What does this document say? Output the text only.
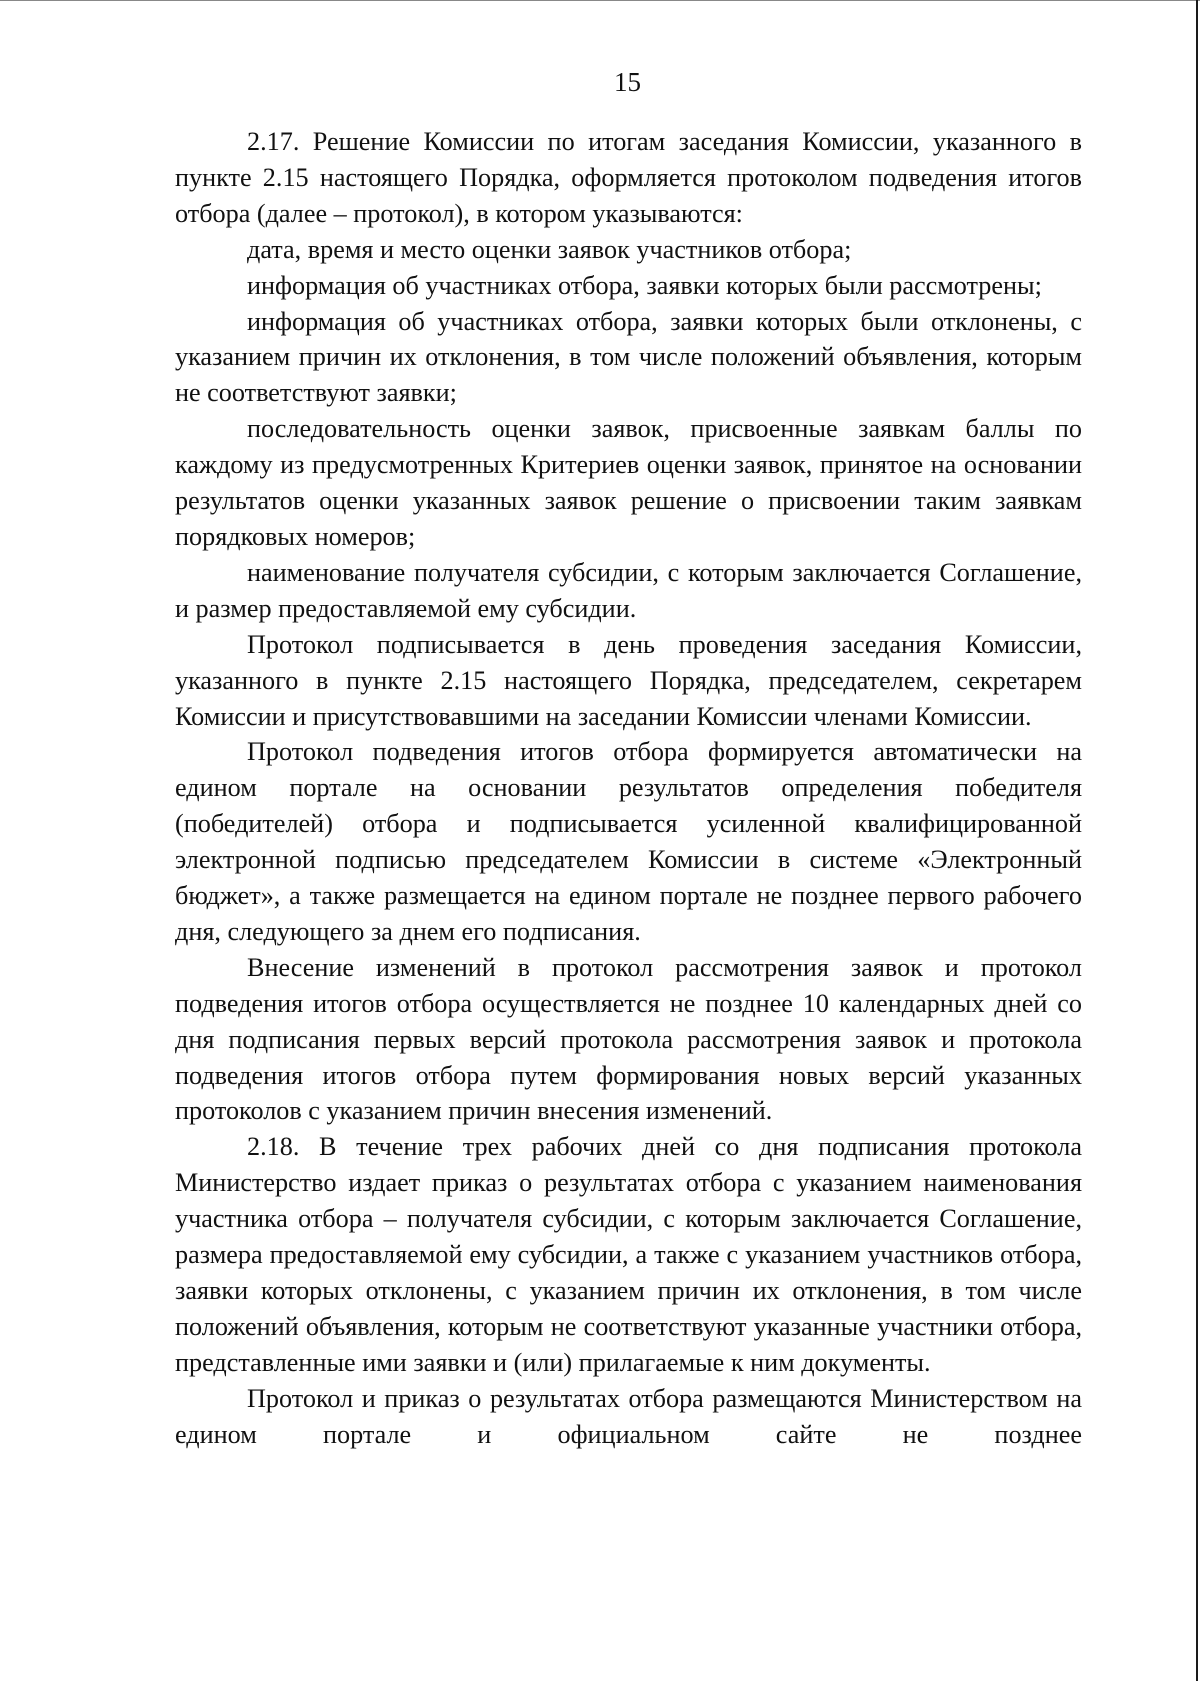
15

2.17. Решение Комиссии по итогам заседания Комиссии, указанного в пункте 2.15 настоящего Порядка, оформляется протоколом подведения итогов отбора (далее – протокол), в котором указываются:

дата, время и место оценки заявок участников отбора;

информация об участниках отбора, заявки которых были рассмотрены;

информация об участниках отбора, заявки которых были отклонены, с указанием причин их отклонения, в том числе положений объявления, которым не соответствуют заявки;

последовательность оценки заявок, присвоенные заявкам баллы по каждому из предусмотренных Критериев оценки заявок, принятое на основании результатов оценки указанных заявок решение о присвоении таким заявкам порядковых номеров;

наименование получателя субсидии, с которым заключается Соглашение, и размер предоставляемой ему субсидии.

Протокол подписывается в день проведения заседания Комиссии, указанного в пункте 2.15 настоящего Порядка, председателем, секретарем Комиссии и присутствовавшими на заседании Комиссии членами Комиссии.

Протокол подведения итогов отбора формируется автоматически на едином портале на основании результатов определения победителя (победителей) отбора и подписывается усиленной квалифицированной электронной подписью председателем Комиссии в системе «Электронный бюджет», а также размещается на едином портале не позднее первого рабочего дня, следующего за днем его подписания.

Внесение изменений в протокол рассмотрения заявок и протокол подведения итогов отбора осуществляется не позднее 10 календарных дней со дня подписания первых версий протокола рассмотрения заявок и протокола подведения итогов отбора путем формирования новых версий указанных протоколов с указанием причин внесения изменений.

2.18. В течение трех рабочих дней со дня подписания протокола Министерство издает приказ о результатах отбора с указанием наименования участника отбора – получателя субсидии, с которым заключается Соглашение, размера предоставляемой ему субсидии, а также с указанием участников отбора, заявки которых отклонены, с указанием причин их отклонения, в том числе положений объявления, которым не соответствуют указанные участники отбора, представленные ими заявки и (или) прилагаемые к ним документы.

Протокол и приказ о результатах отбора размещаются Министерством на едином портале и официальном сайте не позднее
